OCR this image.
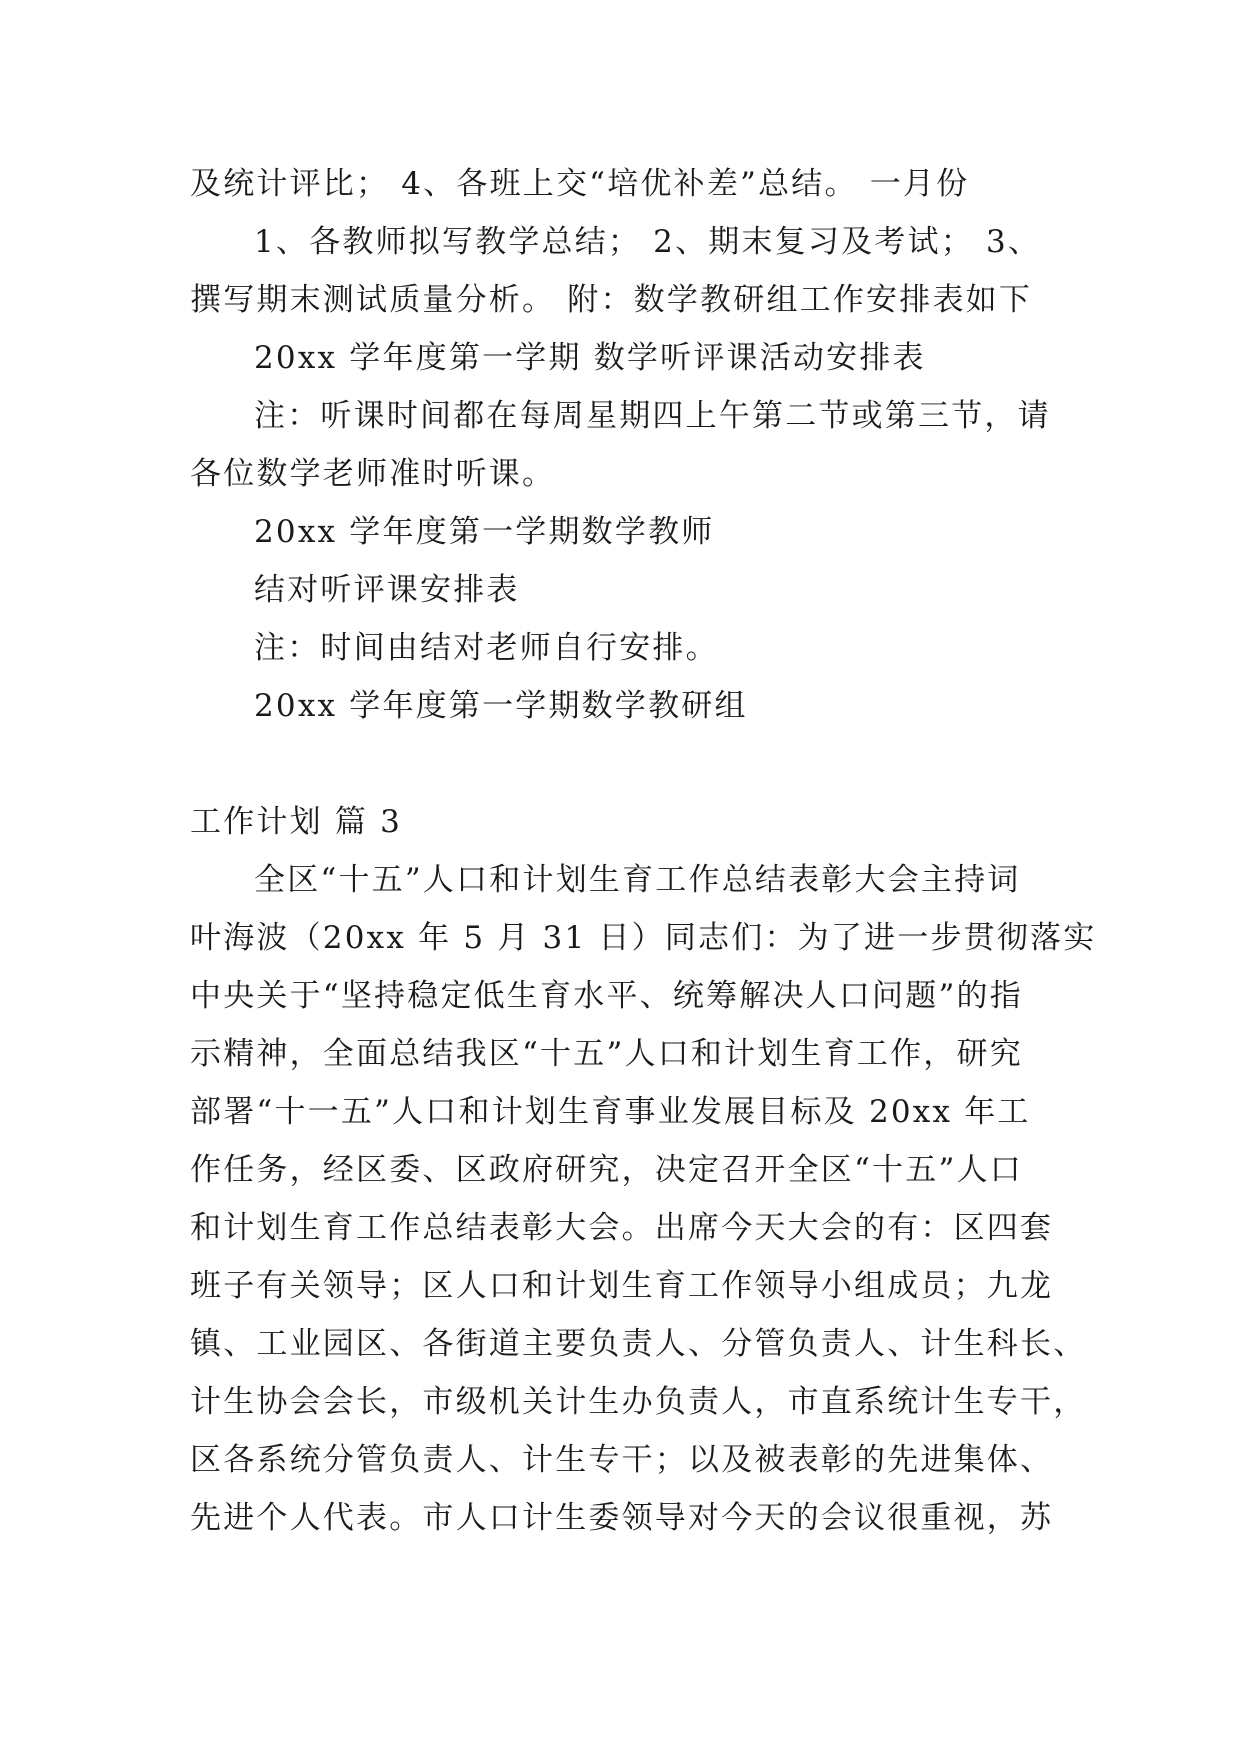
及统计评比； 4、各班上交“培优补差”总结。 一月份
1、各教师拟写教学总结； 2、期末复习及考试； 3、
撰写期末测试质量分析。 附：数学教研组工作安排表如下
20xx 学年度第一学期 数学听评课活动安排表
注：听课时间都在每周星期四上午第二节或第三节，请
各位数学老师准时听课。
20xx 学年度第一学期数学教师
结对听评课安排表
注：时间由结对老师自行安排。
20xx 学年度第一学期数学教研组
工作计划 篇 3
全区“十五”人口和计划生育工作总结表彰大会主持词
叶海波（20xx 年 5 月 31 日）同志们：为了进一步贯彻落实
中央关于“坚持稳定低生育水平、统筹解决人口问题”的指
示精神，全面总结我区“十五”人口和计划生育工作，研究
部署“十一五”人口和计划生育事业发展目标及 20xx 年工
作任务，经区委、区政府研究，决定召开全区“十五”人口
和计划生育工作总结表彰大会。出席今天大会的有：区四套
班子有关领导；区人口和计划生育工作领导小组成员；九龙
镇、工业园区、各街道主要负责人、分管负责人、计生科长、
计生协会会长，市级机关计生办负责人，市直系统计生专干，
区各系统分管负责人、计生专干；以及被表彰的先进集体、
先进个人代表。市人口计生委领导对今天的会议很重视，苏
